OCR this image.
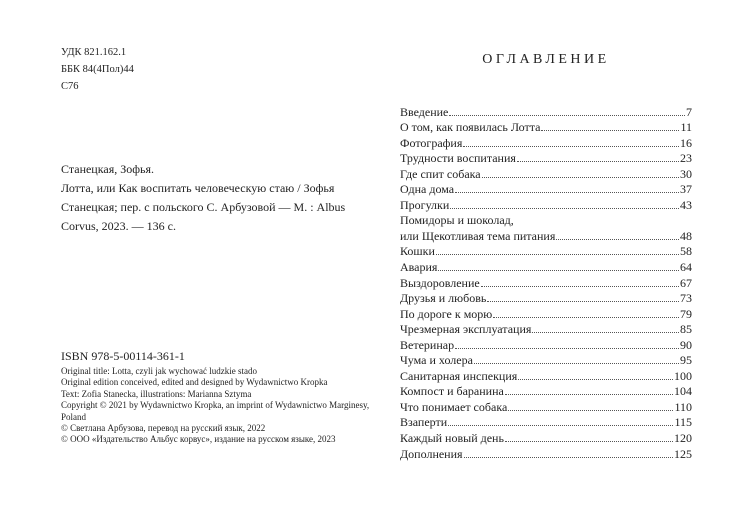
УДК 821.162.1
ББК 84(4Пол)44
С76
Станецкая, Зофья.
Лотта, или Как воспитать человеческую стаю / Зофья
Станецкая; пер. с польского С. Арбузовой — М. : Albus
Corvus, 2023. — 136 с.
ISBN 978-5-00114-361-1
Original title: Lotta, czyli jak wychować ludzkie stado
Original edition conceived, edited and designed by Wydawnictwo Kropka
Text: Zofia Stanecka, illustrations: Marianna Sztyma
Copyright © 2021 by Wydawnictwo Kropka, an imprint of Wydawnictwo Marginesy,
Poland
© Светлана Арбузова, перевод на русский язык, 2022
© ООО «Издательство Альбус корвус», издание на русском языке, 2023
ОГЛАВЛЕНИЕ
Введение	7
О том, как появилась Лотта	11
Фотография	16
Трудности воспитания	23
Где спит собака	30
Одна дома	37
Прогулки	43
Помидоры и шоколад,
или Щекотливая тема питания	48
Кошки	58
Авария	64
Выздоровление	67
Друзья и любовь	73
По дороге к морю	79
Чрезмерная эксплуатация	85
Ветеринар	90
Чума и холера	95
Санитарная инспекция	100
Компост и баранина	104
Что понимает собака	110
Взаперти	115
Каждый новый день	120
Дополнения	125
